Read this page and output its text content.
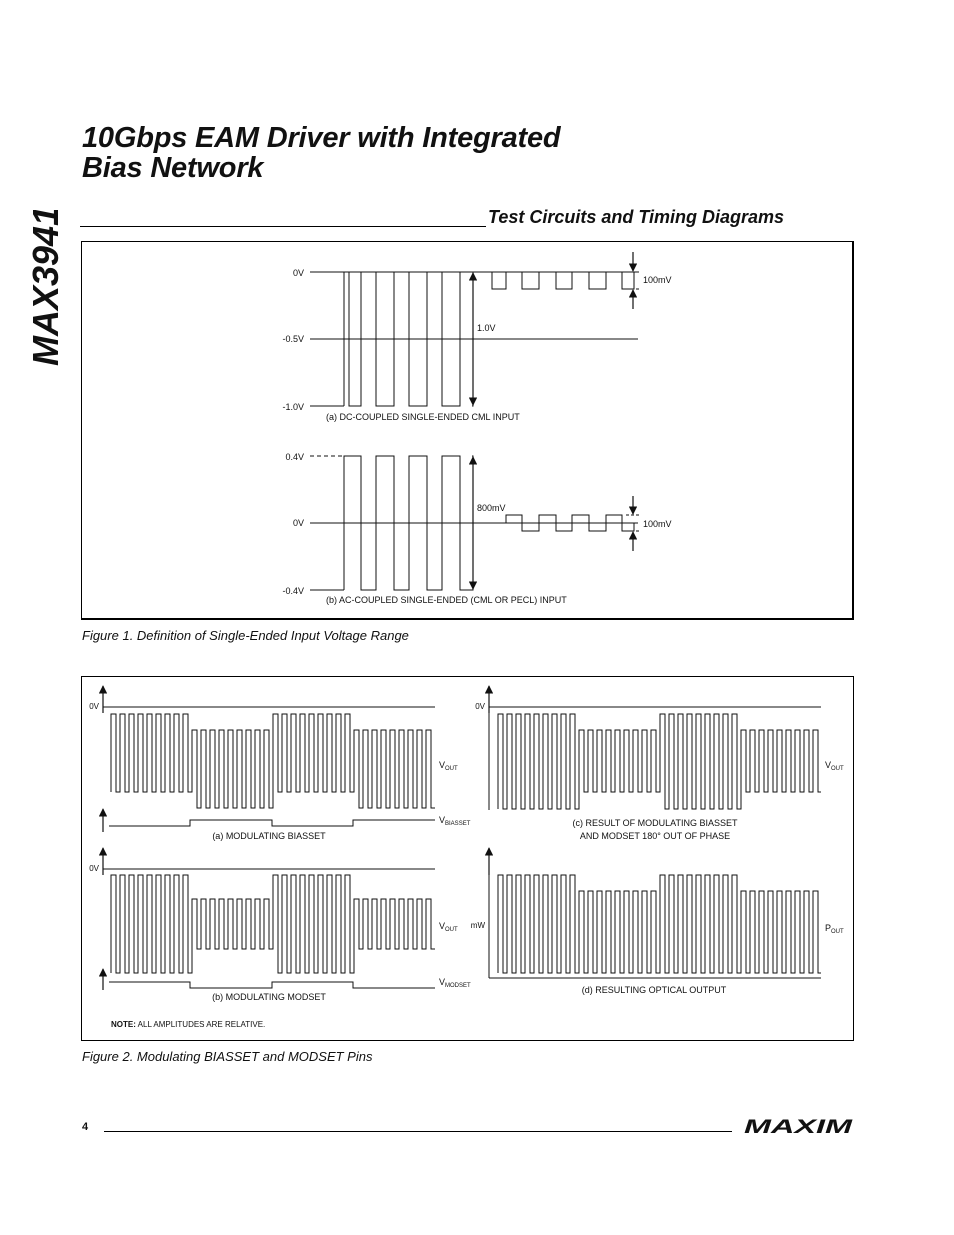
MAX3941
10Gbps EAM Driver with Integrated
Bias Network
Test Circuits and Timing Diagrams
0V
-0.5V
-1.0V
1.0V
100mV
(a) DC-COUPLED SINGLE-ENDED CML INPUT
0.4V
0V
-0.4V
800mV
100mV
(b) AC-COUPLED SINGLE-ENDED (CML OR PECL) INPUT

Figure 1. Definition of Single-Ended Input Voltage Range

0V
$V_{OUT}$
$V_{BIASSET}$
(a) MODULATING BIASSET
0V
$V_{OUT}$
$V_{MODSET}$
(b) MODULATING MODSET
0V
$V_{OUT}$
(c) RESULT OF MODULATING BIASSET
AND MODSET 180° OUT OF PHASE
mW	$P_{OUT}$
(d) RESULTING OPTICAL OUTPUT
NOTE: ALL AMPLITUDES ARE RELATIVE.

Figure 2. Modulating BIASSET and MODSET Pins

4	MAXIM
